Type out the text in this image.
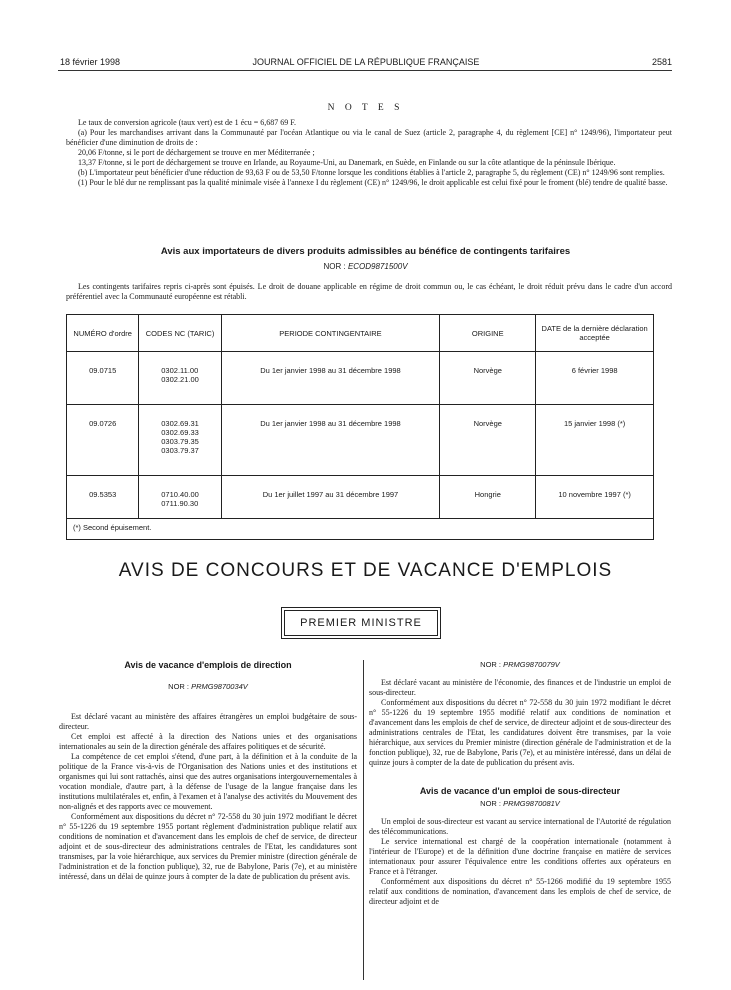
18 février 1998	JOURNAL OFFICIEL DE LA RÉPUBLIQUE FRANÇAISE	2581
N O T E S

Le taux de conversion agricole (taux vert) est de 1 écu = 6,687 69 F.

(a) Pour les marchandises arrivant dans la Communauté par l'océan Atlantique ou via le canal de Suez (article 2, paragraphe 4, du règlement [CE] n° 1249/96), l'importateur peut bénéficier d'une diminution de droits de :

20,06 F/tonne, si le port de déchargement se trouve en mer Méditerranée ;

13,37 F/tonne, si le port de déchargement se trouve en Irlande, au Royaume-Uni, au Danemark, en Suède, en Finlande ou sur la côte atlantique de la péninsule Ibérique.

(b) L'importateur peut bénéficier d'une réduction de 93,63 F ou de 53,50 F/tonne lorsque les conditions établies à l'article 2, paragraphe 5, du règlement (CE) n° 1249/96 sont remplies.

(1) Pour le blé dur ne remplissant pas la qualité minimale visée à l'annexe I du règlement (CE) n° 1249/96, le droit applicable est celui fixé pour le froment (blé) tendre de qualité basse.

Avis aux importateurs de divers produits admissibles au bénéfice de contingents tarifaires
NOR : ECOD9871500V
Les contingents tarifaires repris ci-après sont épuisés. Le droit de douane applicable en régime de droit commun ou, le cas échéant, le droit réduit prévu dans le cadre d'un accord préférentiel avec la Communauté européenne est rétabli.
NUMÉRO d'ordre	CODES NC (TARIC)	PERIODE CONTINGENTAIRE	ORIGINE	DATE de la dernière déclaration acceptée
09.0715	0302.11.00
0302.21.00	Du 1er janvier 1998 au 31 décembre 1998	Norvège	6 février 1998
09.0726	0302.69.31
0302.69.33
0303.79.35
0303.79.37	Du 1er janvier 1998 au 31 décembre 1998	Norvège	15 janvier 1998 (*)
09.5353	0710.40.00
0711.90.30	Du 1er juillet 1997 au 31 décembre 1997	Hongrie	10 novembre 1997 (*)
(*) Second épuisement.				
AVIS DE CONCOURS ET DE VACANCE D'EMPLOIS
PREMIER MINISTRE

Avis de vacance d'emplois de direction

NOR : PRMG9870034V

Est déclaré vacant au ministère des affaires étrangères un emploi budgétaire de sous-directeur.

Cet emploi est affecté à la direction des Nations unies et des organisations internationales au sein de la direction générale des affaires politiques et de sécurité.

La compétence de cet emploi s'étend, d'une part, à la définition et à la conduite de la politique de la France vis-à-vis de l'Organisation des Nations unies et des institutions et organismes qui lui sont rattachés, ainsi que des autres organisations intergouvernementales à vocation mondiale, d'autre part, à la défense de l'usage de la langue française dans les institutions multilatérales et, enfin, à l'examen et à l'analyse des activités du Mouvement des non-alignés et des rapports avec ce mouvement.

Conformément aux dispositions du décret n° 72-558 du 30 juin 1972 modifiant le décret n° 55-1226 du 19 septembre 1955 portant règlement d'administration publique relatif aux conditions de nomination et d'avancement dans les emplois de chef de service, de directeur adjoint et de sous-directeur des administrations centrales de l'Etat, les candidatures sont transmises, par la voie hiérarchique, aux services du Premier ministre (direction générale de l'administration et de la fonction publique), 32, rue de Babylone, Paris (7e), et au ministère intéressé, dans un délai de quinze jours à compter de la date de publication du présent avis.

NOR : PRMG9870079V

Est déclaré vacant au ministère de l'économie, des finances et de l'industrie un emploi de sous-directeur.

Conformément aux dispositions du décret n° 72-558 du 30 juin 1972 modifiant le décret n° 55-1226 du 19 septembre 1955 modifié relatif aux conditions de nomination et d'avancement dans les emplois de chef de service, de directeur adjoint et de sous-directeur des administrations centrales de l'Etat, les candidatures doivent être transmises, par la voie hiérarchique, aux services du Premier ministre (direction générale de l'administration et de la fonction publique), 32, rue de Babylone, Paris (7e), et au ministère intéressé, dans un délai de quinze jours à compter de la date de publication du présent avis.

Avis de vacance d'un emploi de sous-directeur

NOR : PRMG9870081V

Un emploi de sous-directeur est vacant au service international de l'Autorité de régulation des télécommunications.

Le service international est chargé de la coopération internationale (notamment à l'intérieur de l'Europe) et de la définition d'une doctrine française en matière de services internationaux pour assurer l'équivalence entre les conditions offertes aux opérateurs en France et à l'étranger.

Conformément aux dispositions du décret n° 55-1266 modifié du 19 septembre 1955 relatif aux conditions de nomination, d'avancement dans les emplois de chef de service, de directeur adjoint et de
